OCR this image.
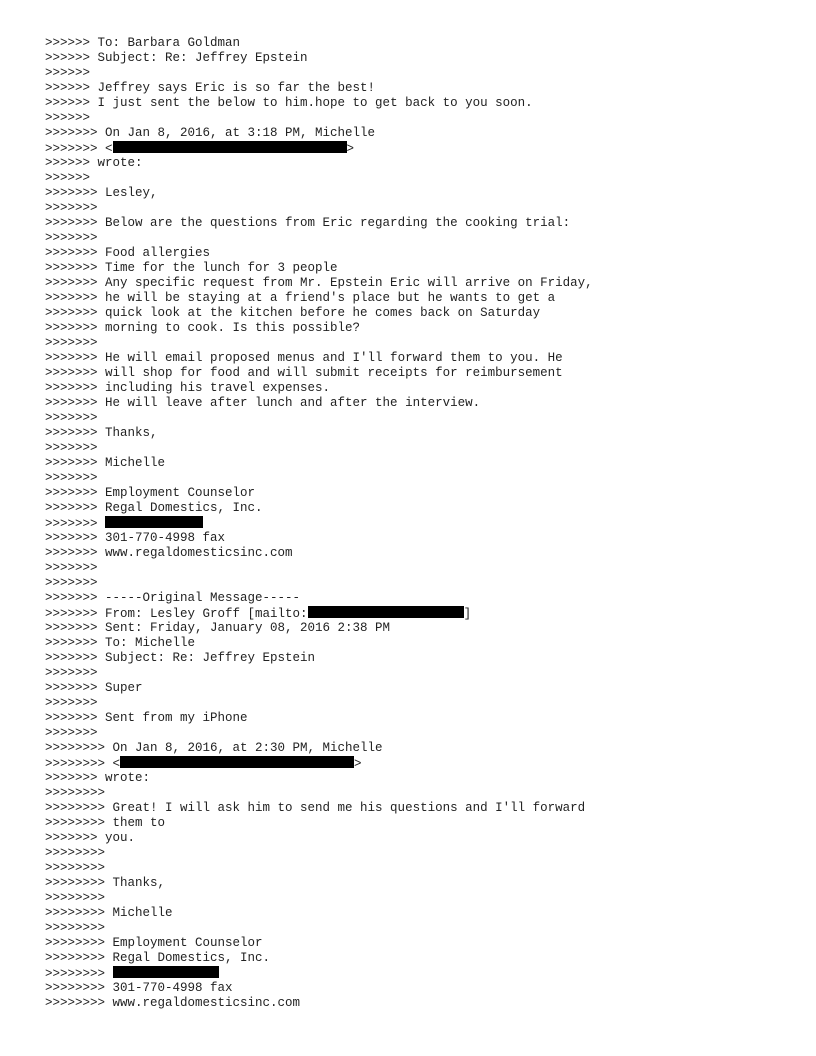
>>>>>> To: Barbara Goldman
>>>>>> Subject: Re: Jeffrey Epstein
>>>>>>
>>>>>> Jeffrey says Eric is so far the best!
>>>>>> I just sent the below to him.hope to get back to you soon.
>>>>>>
>>>>>>> On Jan 8, 2016, at 3:18 PM, Michelle
>>>>>>> <	>
>>>>>> wrote:
>>>>>>
>>>>>>> Lesley,
>>>>>>>
>>>>>>> Below are the questions from Eric regarding the cooking trial:
>>>>>>>
>>>>>>> Food allergies
>>>>>>> Time for the lunch for 3 people
>>>>>>> Any specific request from Mr. Epstein Eric will arrive on Friday,
>>>>>>> he will be staying at a friend's place but he wants to get a
>>>>>>> quick look at the kitchen before he comes back on Saturday
>>>>>>> morning to cook. Is this possible?
>>>>>>>
>>>>>>> He will email proposed menus and I'll forward them to you. He
>>>>>>> will shop for food and will submit receipts for reimbursement
>>>>>>> including his travel expenses.
>>>>>>> He will leave after lunch and after the interview.
>>>>>>>
>>>>>>> Thanks,
>>>>>>>
>>>>>>> Michelle
>>>>>>>
>>>>>>> Employment Counselor
>>>>>>> Regal Domestics, Inc.
>>>>>>>
>>>>>>> 301-770-4998 fax
>>>>>>> www.regaldomesticsinc.com
>>>>>>>
>>>>>>>
>>>>>>> -----Original Message-----
>>>>>>> From: Lesley Groff [mailto:	]
>>>>>>> Sent: Friday, January 08, 2016 2:38 PM
>>>>>>> To: Michelle
>>>>>>> Subject: Re: Jeffrey Epstein
>>>>>>>
>>>>>>> Super
>>>>>>>
>>>>>>> Sent from my iPhone
>>>>>>>
>>>>>>>> On Jan 8, 2016, at 2:30 PM, Michelle
>>>>>>>> <	>
>>>>>>> wrote:
>>>>>>>>
>>>>>>>> Great! I will ask him to send me his questions and I'll forward
>>>>>>>> them to
>>>>>>> you.
>>>>>>>>
>>>>>>>>
>>>>>>>> Thanks,
>>>>>>>>
>>>>>>>> Michelle
>>>>>>>>
>>>>>>>> Employment Counselor
>>>>>>>> Regal Domestics, Inc.
>>>>>>>>
>>>>>>>> 301-770-4998 fax
>>>>>>>> www.regaldomesticsinc.com
